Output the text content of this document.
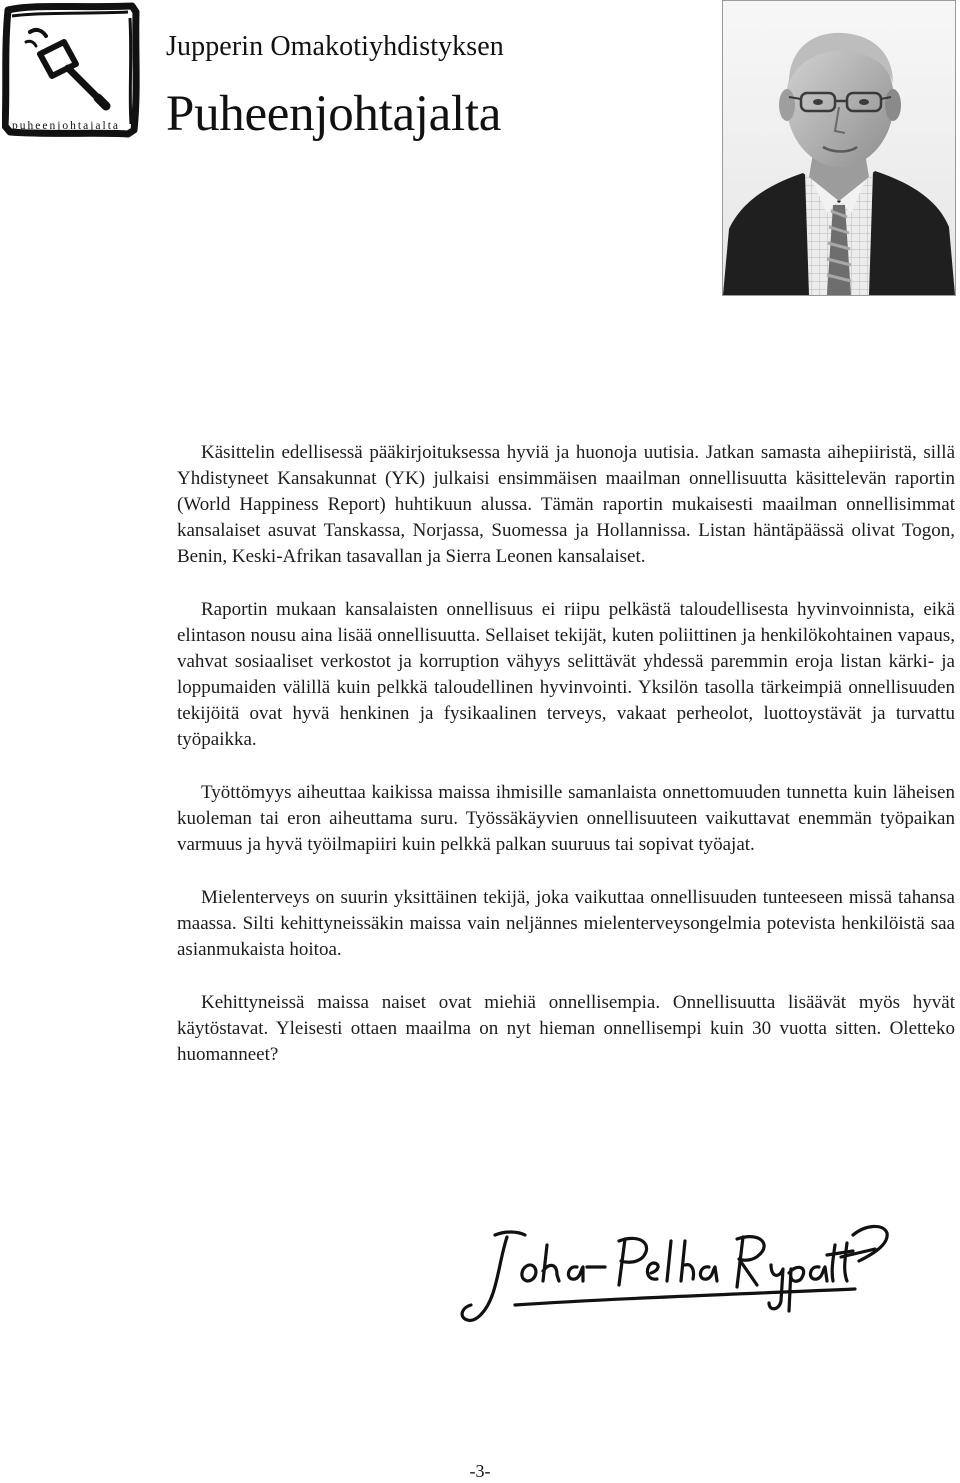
puheenjohtajalta
Jupperin Omakotiyhdistyksen
Puheenjohtajalta

Käsittelin edellisessä pääkirjoituksessa hyviä ja huonoja uutisia. Jatkan samasta aihepiiristä, sillä Yhdistyneet Kansakunnat (YK) julkaisi ensimmäisen maailman onnellisuutta käsittelevän raportin (World Happiness Report) huhtikuun alussa. Tämän raportin mukaisesti maailman onnellisimmat kansalaiset asuvat Tanskassa, Norjassa, Suomessa ja Hollannissa. Listan häntäpäässä olivat Togon, Benin, Keski-Afrikan tasavallan ja Sierra Leonen kansalaiset.

Raportin mukaan kansalaisten onnellisuus ei riipu pelkästä taloudellisesta hyvinvoinnista, eikä elintason nousu aina lisää onnellisuutta. Sellaiset tekijät, kuten poliittinen ja henkilökohtainen vapaus, vahvat sosiaaliset verkostot ja korruption vähyys selittävät yhdessä paremmin eroja listan kärki- ja loppumaiden välillä kuin pelkkä taloudellinen hyvinvointi. Yksilön tasolla tärkeimpiä onnellisuuden tekijöitä ovat hyvä henkinen ja fysikaalinen terveys, vakaat perheolot, luottoystävät ja turvattu työpaikka.

Työttömyys aiheuttaa kaikissa maissa ihmisille samanlaista onnettomuuden tunnetta kuin läheisen kuoleman tai eron aiheuttama suru. Työssäkäyvien onnellisuuteen vaikuttavat enemmän työpaikan varmuus ja hyvä työilmapiiri kuin pelkkä palkan suuruus tai sopivat työajat.

Mielenterveys on suurin yksittäinen tekijä, joka vaikuttaa onnellisuuden tunteeseen missä tahansa maassa. Silti kehittyneissäkin maissa vain neljännes mielenterveysongelmia potevista henkilöistä saa asianmukaista hoitoa.

Kehittyneissä maissa naiset ovat miehiä onnellisempia. Onnellisuutta lisäävät myös hyvät käytöstavat. Yleisesti ottaen maailma on nyt hieman onnellisempi kuin 30 vuotta sitten. Oletteko huomanneet?

-3-
